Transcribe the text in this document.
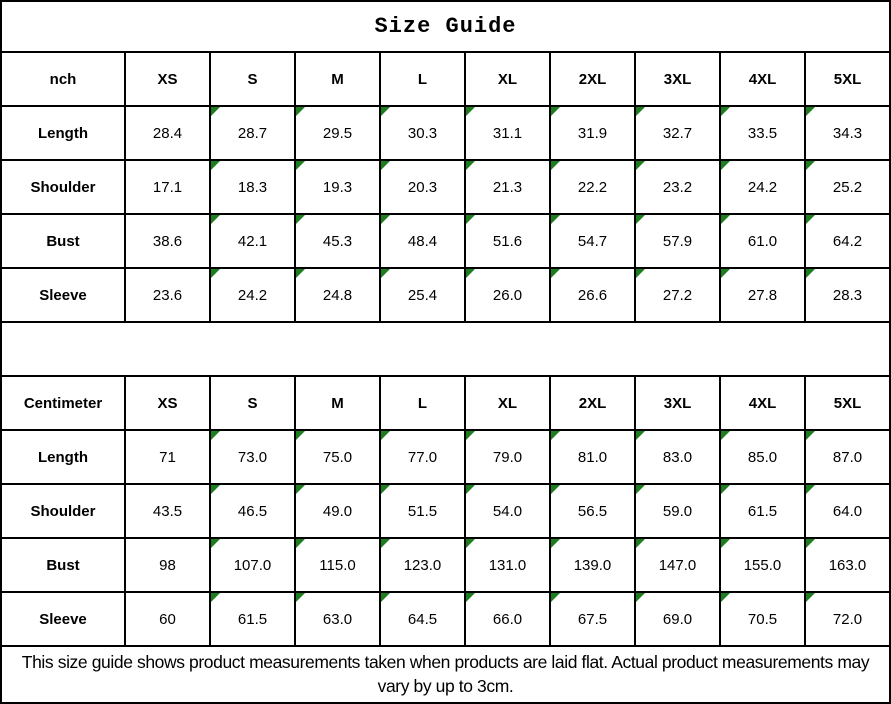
Size Guide
nch	XS	S	M	L	XL	2XL	3XL	4XL	5XL
Length	28.4	28.7	29.5	30.3	31.1	31.9	32.7	33.5	34.3
Shoulder	17.1	18.3	19.3	20.3	21.3	22.2	23.2	24.2	25.2
Bust	38.6	42.1	45.3	48.4	51.6	54.7	57.9	61.0	64.2
Sleeve	23.6	24.2	24.8	25.4	26.0	26.6	27.2	27.8	28.3
Centimeter	XS	S	M	L	XL	2XL	3XL	4XL	5XL
Length	71	73.0	75.0	77.0	79.0	81.0	83.0	85.0	87.0
Shoulder	43.5	46.5	49.0	51.5	54.0	56.5	59.0	61.5	64.0
Bust	98	107.0	115.0	123.0	131.0	139.0	147.0	155.0	163.0
Sleeve	60	61.5	63.0	64.5	66.0	67.5	69.0	70.5	72.0
This size guide shows product measurements taken when products are laid flat. Actual product measurements may vary by up to 3cm.
